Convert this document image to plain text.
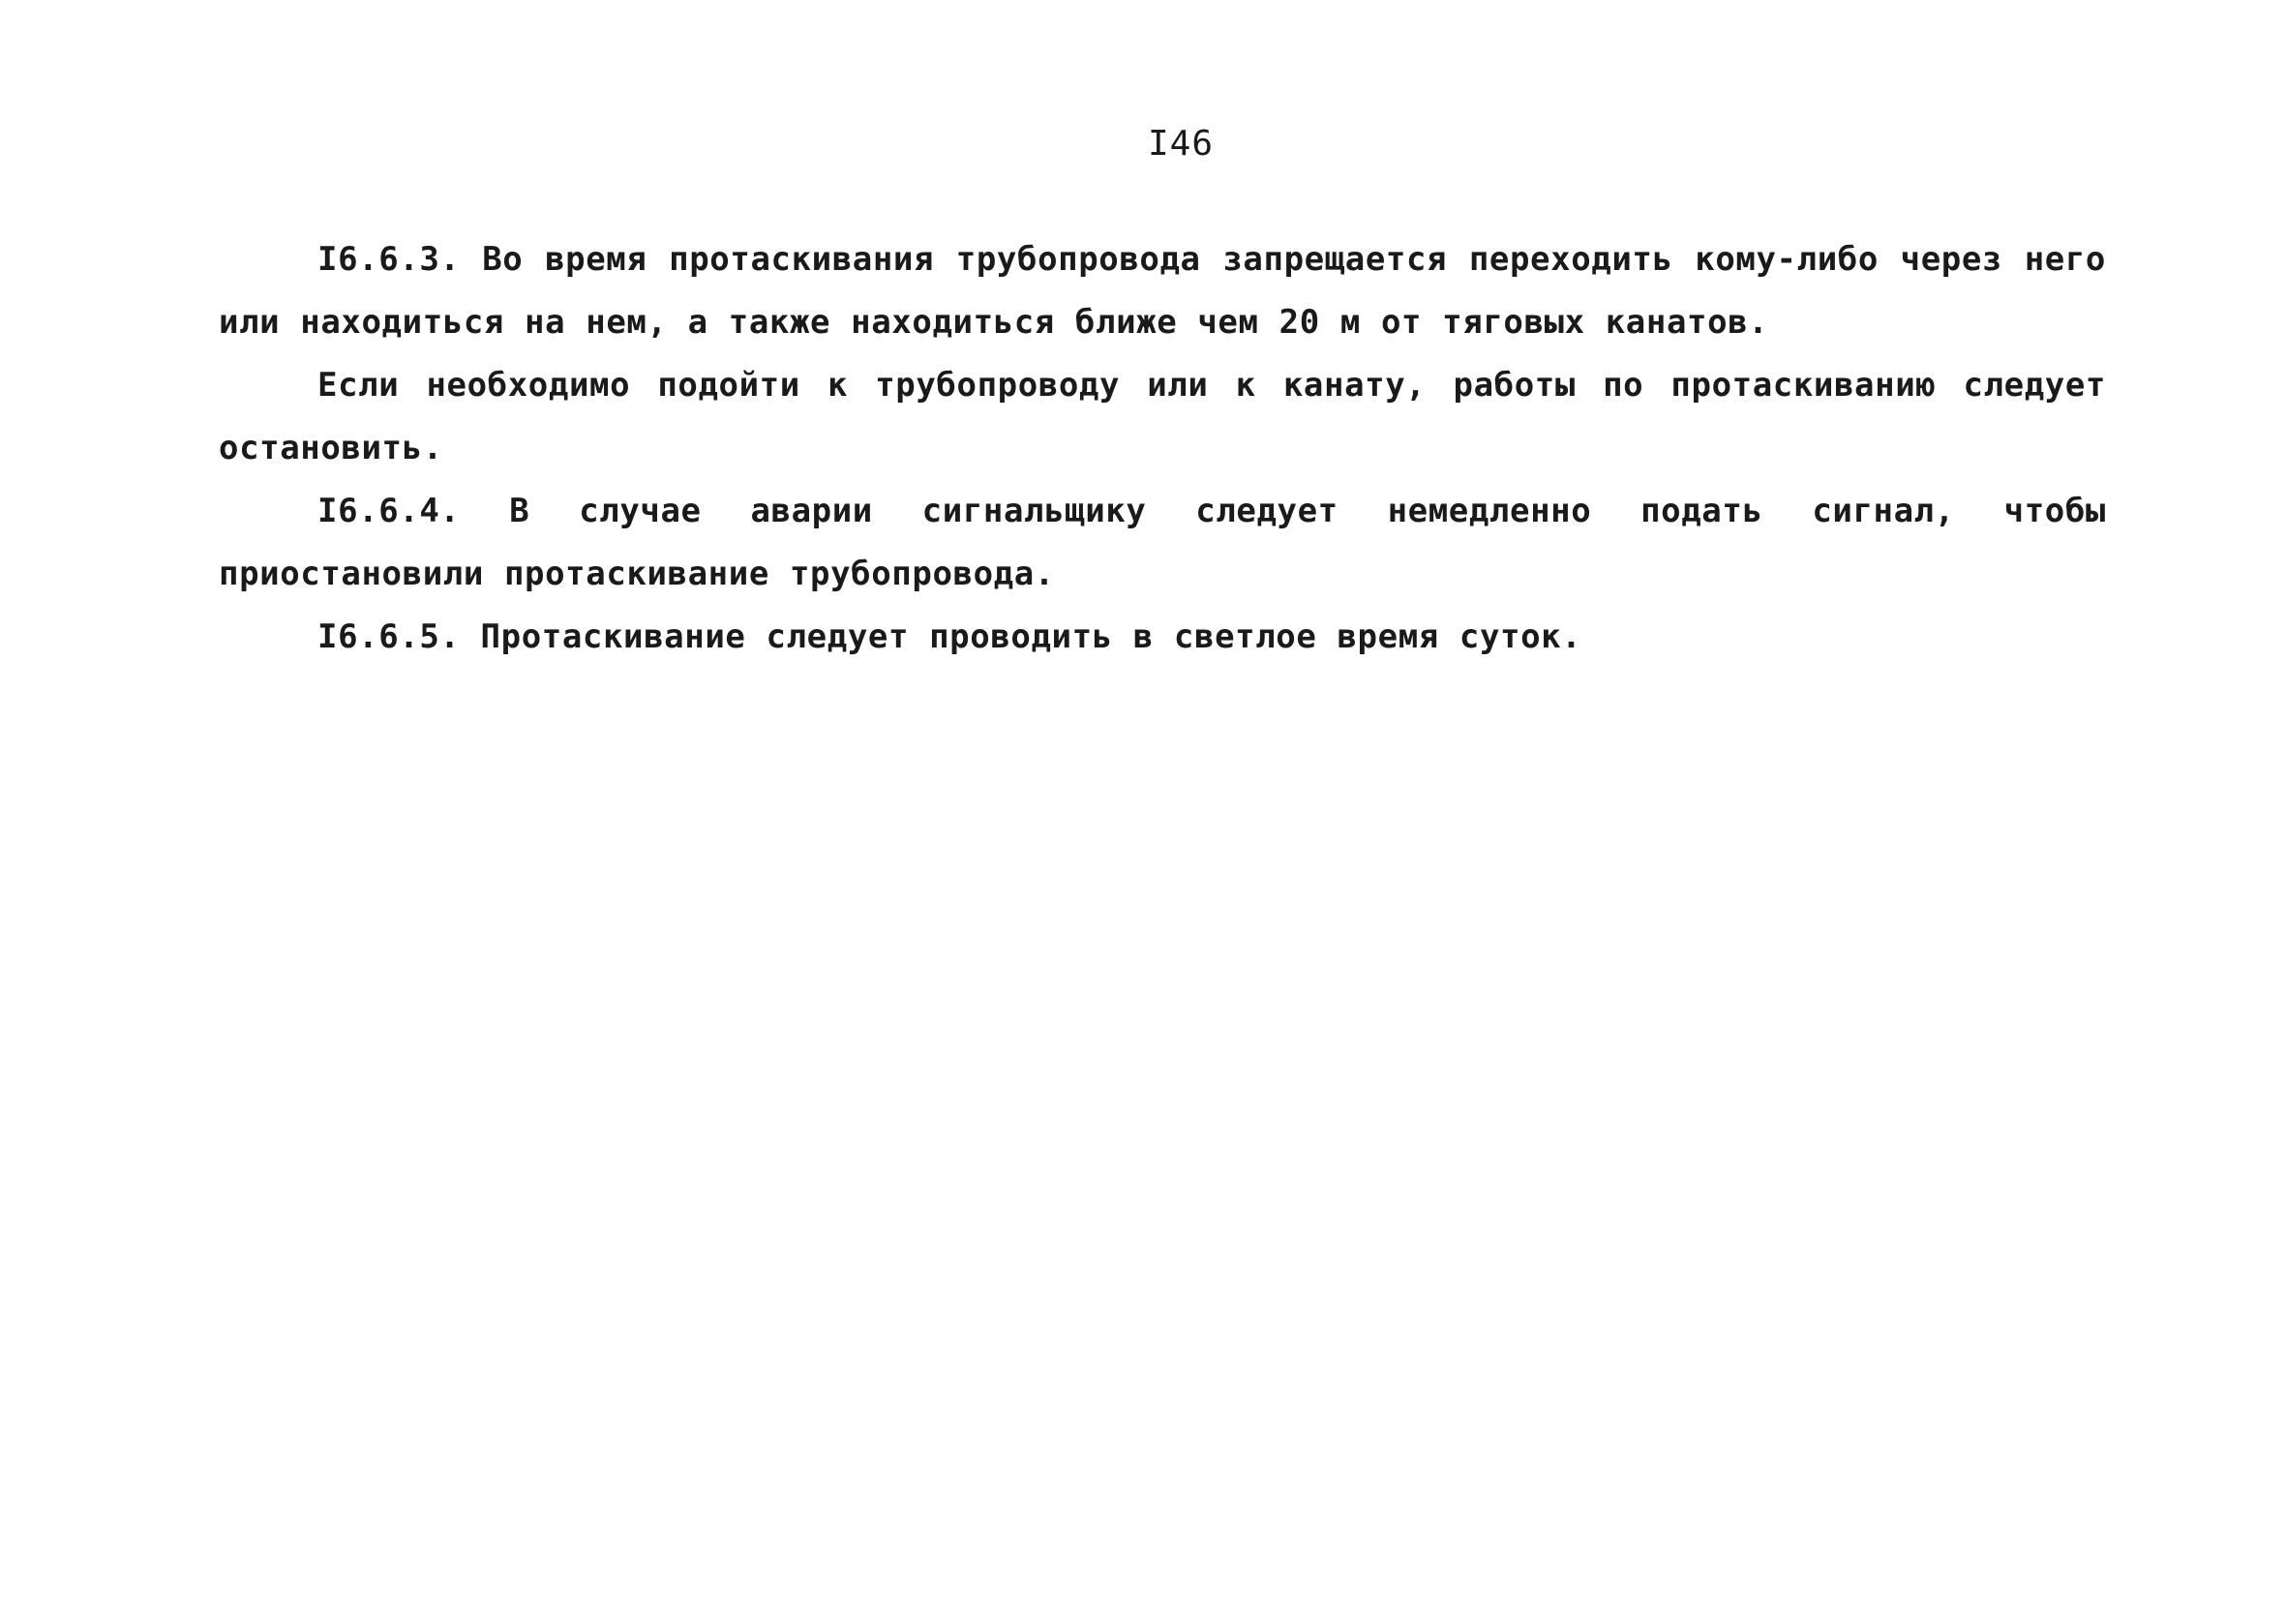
I46

I6.6.3. Во время протаскивания трубопровода запрещается переходить кому-либо через него или находиться на нем, а также находиться ближе чем 20 м от тяговых канатов.

Если необходимо подойти к трубопроводу или к канату, работы по протаскиванию следует остановить.

I6.6.4. В случае аварии сигнальщику следует немедленно подать сигнал, чтобы приостановили протаскивание трубопровода.

I6.6.5. Протаскивание следует проводить в светлое время суток.
